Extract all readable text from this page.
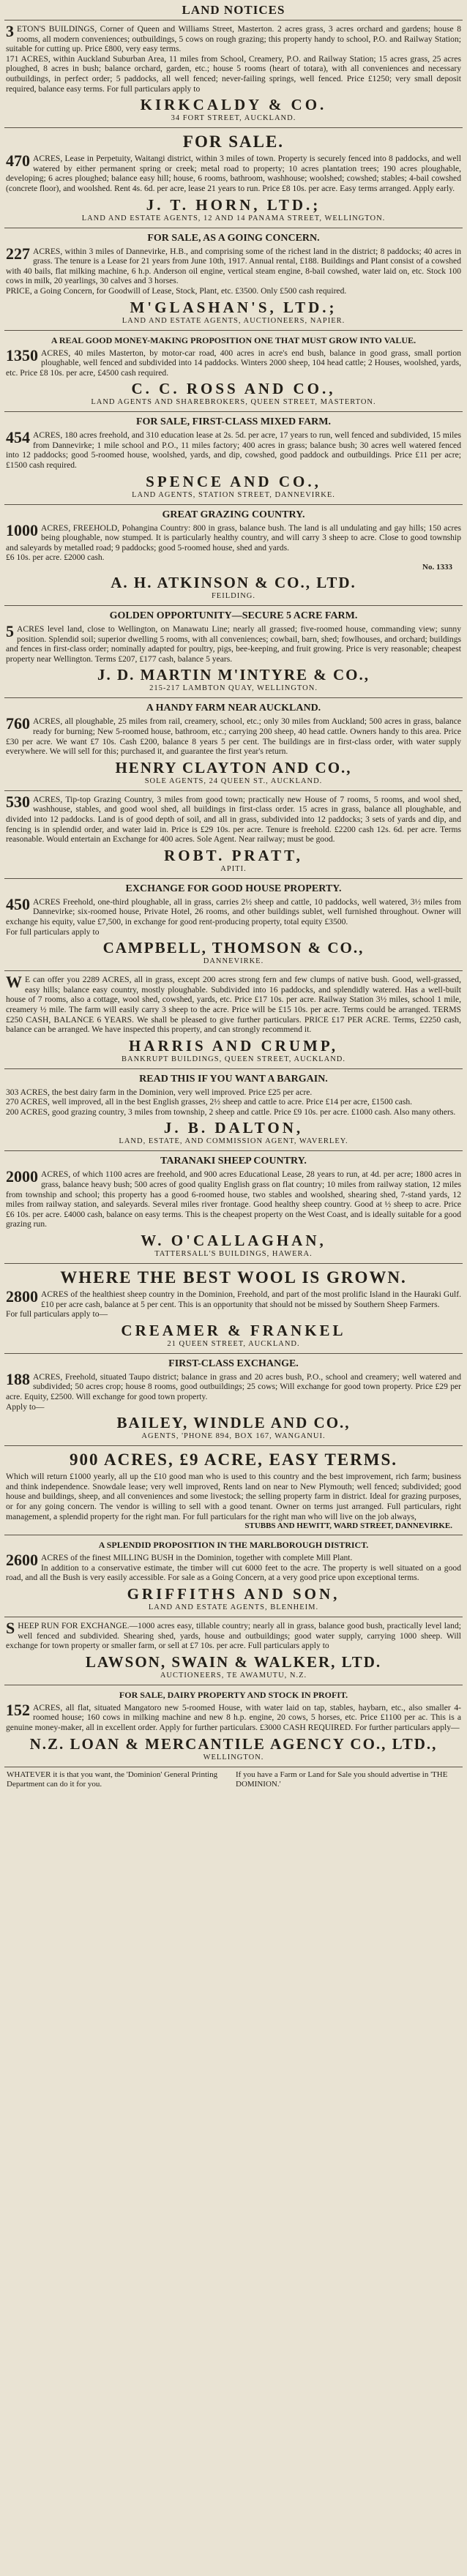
LAND NOTICES

3 ETON'S BUILDINGS, Corner of Queen and Williams Street, Masterton. 2 acres grass, 3 acres orchard and gardens; house 8 rooms, all modern conveniences; outbuildings, 5 cows on rough grazing; this property handy to school, P.O. and Railway Station; suitable for cutting up. Price £800, very easy terms.

171 ACRES, within Auckland Suburban Area, 11 miles from School, Creamery, P.O. and Railway Station; 15 acres grass, 25 acres ploughed, 8 acres in bush; balance orchard, garden, etc.; house 5 rooms (heart of totara), with all conveniences and necessary outbuildings, in perfect order; 5 paddocks, all well fenced; never-failing springs, well fenced. Price £1250; very small deposit required, balance easy terms. For full particulars apply to

KIRKCALDY & CO.
34 FORT STREET, AUCKLAND.
FOR SALE.

470 ACRES, Lease in Perpetuity, Waitangi district, within 3 miles of town. Property is securely fenced into 8 paddocks, and well watered by either permanent spring or creek; metal road to property; 10 acres plantation trees; 190 acres ploughable, developing; 6 acres ploughed; balance easy hill; house, 6 rooms, bathroom, washhouse; woolshed; cowshed; stables; 4-bail cowshed (concrete floor), and woolshed. Rent 4s. 6d. per acre, lease 21 years to run. Price £8 10s. per acre. Easy terms arranged. Apply early.

J. T. HORN, LTD.;
LAND AND ESTATE AGENTS, 12 AND 14 PANAMA STREET, WELLINGTON.
FOR SALE, AS A GOING CONCERN.

227 ACRES, within 3 miles of Dannevirke, H.B., and comprising some of the richest land in the district; 8 paddocks; 40 acres in grass. The tenure is a Lease for 21 years from June 10th, 1917. Annual rental, £188. Buildings and Plant consist of a cowshed with 40 bails, flat milking machine, 6 h.p. Anderson oil engine, vertical steam engine, 8-bail cowshed, water laid on, etc. Stock 100 cows in milk, 20 yearlings, 30 calves and 3 horses.

PRICE, a Going Concern, for Goodwill of Lease, Stock, Plant, etc. £3500. Only £500 cash required.

M'GLASHAN'S, LTD.;
LAND AND ESTATE AGENTS, AUCTIONEERS, NAPIER.
A REAL GOOD MONEY-MAKING PROPOSITION ONE THAT MUST GROW INTO VALUE.

1350 ACRES, 40 miles Masterton, by motor-car road, 400 acres in acre's end bush, balance in good grass, small portion ploughable, well fenced and subdivided into 14 paddocks. Winters 2000 sheep, 104 head cattle; 2 Houses, woolshed, yards, etc. Price £8 10s. per acre, £4500 cash required.

C. C. ROSS AND CO.,
LAND AGENTS AND SHAREBROKERS, QUEEN STREET, MASTERTON.
FOR SALE, FIRST-CLASS MIXED FARM.

454 ACRES, 180 acres freehold, and 310 education lease at 2s. 5d. per acre, 17 years to run, well fenced and subdivided, 15 miles from Dannevirke; 1 mile school and P.O., 11 miles factory; 400 acres in grass; balance bush; 30 acres well watered fenced into 12 paddocks; good 5-roomed house, woolshed, yards, and dip, cowshed, good paddock and outbuildings. Price £11 per acre; £1500 cash required.

SPENCE AND CO.,
LAND AGENTS, STATION STREET, DANNEVIRKE.
GREAT GRAZING COUNTRY.

1000 ACRES, FREEHOLD, Pohangina Country: 800 in grass, balance bush. The land is all undulating and gay hills; 150 acres being ploughable, now stumped. It is particularly healthy country, and will carry 3 sheep to acre. Close to good township and saleyards by metalled road; 9 paddocks; good 5-roomed house, shed and yards.

£6 10s. per acre. £2000 cash.

No. 1333
A. H. ATKINSON & CO., LTD.
FEILDING.
GOLDEN OPPORTUNITY—SECURE 5 ACRE FARM.

5 ACRES level land, close to Wellington, on Manawatu Line; nearly all grassed; five-roomed house, commanding view; sunny position. Splendid soil; superior dwelling 5 rooms, with all conveniences; cowbail, barn, shed; fowlhouses, and orchard; buildings and fences in first-class order; nominally adapted for poultry, pigs, bee-keeping, and fruit growing. Price is very reasonable; cheapest property near Wellington. Terms £207, £177 cash, balance 5 years.

J. D. MARTIN M'INTYRE & CO.,
215-217 LAMBTON QUAY, WELLINGTON.
A HANDY FARM NEAR AUCKLAND.

760 ACRES, all ploughable, 25 miles from rail, creamery, school, etc.; only 30 miles from Auckland; 500 acres in grass, balance ready for burning; New 5-roomed house, bathroom, etc.; carrying 200 sheep, 40 head cattle. Owners handy to this area. Price £30 per acre. We want £7 10s. Cash £200, balance 8 years 5 per cent. The buildings are in first-class order, with water supply everywhere. We will sell for this; purchased it, and guarantee the first year's return.

HENRY CLAYTON AND CO.,
SOLE AGENTS, 24 QUEEN ST., AUCKLAND.

530 ACRES, Tip-top Grazing Country, 3 miles from good town; practically new House of 7 rooms, 5 rooms, and wool shed, washhouse, stables, and good wool shed, all buildings in first-class order. 15 acres in grass, balance all ploughable, and divided into 12 paddocks. Land is of good depth of soil, and all in grass, subdivided into 12 paddocks; 3 sets of yards and dip, and fencing is in splendid order, and water laid in. Price is £29 10s. per acre. Tenure is freehold. £2200 cash 12s. 6d. per acre. Terms reasonable. Would entertain an Exchange for 400 acres. Sole Agent. Near railway; must be good.

ROBT. PRATT,
APITI.
EXCHANGE FOR GOOD HOUSE PROPERTY.

450 ACRES Freehold, one-third ploughable, all in grass, carries 2½ sheep and cattle, 10 paddocks, well watered, 3½ miles from Dannevirke; six-roomed house, Private Hotel, 26 rooms, and other buildings sublet, well furnished throughout. Owner will exchange his equity, value £7,500, in exchange for good rent-producing property, total equity £3500.

For full particulars apply to

CAMPBELL, THOMSON & CO.,
DANNEVIRKE.

W E can offer you 2289 ACRES, all in grass, except 200 acres strong fern and few clumps of native bush. Good, well-grassed, easy hills; balance easy country, mostly ploughable. Subdivided into 16 paddocks, and splendidly watered. Has a well-built house of 7 rooms, also a cottage, wool shed, cowshed, yards, etc. Price £17 10s. per acre. Railway Station 3½ miles, school 1 mile, creamery ½ mile. The farm will easily carry 3 sheep to the acre. Price will be £15 10s. per acre. Terms could be arranged. TERMS £250 CASH, BALANCE 6 YEARS. We shall be pleased to give further particulars. PRICE £17 PER ACRE. Terms, £2250 cash, balance can be arranged. We have inspected this property, and can strongly recommend it.

HARRIS AND CRUMP,
BANKRUPT BUILDINGS, QUEEN STREET, AUCKLAND.
READ THIS IF YOU WANT A BARGAIN.

303 ACRES, the best dairy farm in the Dominion, very well improved. Price £25 per acre.

270 ACRES, well improved, all in the best English grasses, 2½ sheep and cattle to acre. Price £14 per acre, £1500 cash.

200 ACRES, good grazing country, 3 miles from township, 2 sheep and cattle. Price £9 10s. per acre. £1000 cash. Also many others.

J. B. DALTON,
LAND, ESTATE, AND COMMISSION AGENT, WAVERLEY.
TARANAKI SHEEP COUNTRY.

2000 ACRES, of which 1100 acres are freehold, and 900 acres Educational Lease, 28 years to run, at 4d. per acre; 1800 acres in grass, balance heavy bush; 500 acres of good quality English grass on flat country; 10 miles from railway station, 12 miles from township and school; this property has a good 6-roomed house, two stables and woolshed, shearing shed, 7-stand yards, 12 miles from railway station, and saleyards. Several miles river frontage. Good healthy sheep country. Good at ½ sheep to acre. Price £6 10s. per acre. £4000 cash, balance on easy terms. This is the cheapest property on the West Coast, and is ideally suitable for a good grazing run.

W. O'CALLAGHAN,
TATTERSALL'S BUILDINGS, HAWERA.
WHERE THE BEST WOOL IS GROWN.

2800 ACRES of the healthiest sheep country in the Dominion, Freehold, and part of the most prolific Island in the Hauraki Gulf. £10 per acre cash, balance at 5 per cent. This is an opportunity that should not be missed by Southern Sheep Farmers.

For full particulars apply to—

CREAMER & FRANKEL
21 QUEEN STREET, AUCKLAND.
FIRST-CLASS EXCHANGE.

188 ACRES, Freehold, situated Taupo district; balance in grass and 20 acres bush, P.O., school and creamery; well watered and subdivided; 50 acres crop; house 8 rooms, good outbuildings; 25 cows; Will exchange for good town property. Price £29 per acre. Equity, £2500. Will exchange for good town property.

Apply to—

BAILEY, WINDLE AND CO.,
AGENTS, 'PHONE 894, BOX 167, WANGANUI.
900 ACRES, £9 ACRE, EASY TERMS.

Which will return £1000 yearly, all up the £10 good man who is used to this country and the best improvement, rich farm; business and think independence. Snowdale lease; very well improved, Rents land on near to New Plymouth; well fenced; subdivided; good house and buildings, sheep, and all conveniences and some livestock; the selling property farm in district. Ideal for grazing purposes, or for any going concern. The vendor is willing to sell with a good tenant. Owner on terms just arranged. Full particulars, right management, a splendid property for the right man. For full particulars for the right man who will live on the job always,

STUBBS AND HEWITT, WARD STREET, DANNEVIRKE.
A SPLENDID PROPOSITION IN THE MARLBOROUGH DISTRICT.

2600 ACRES of the finest MILLING BUSH in the Dominion, together with complete Mill Plant.

In addition to a conservative estimate, the timber will cut 6000 feet to the acre. The property is well situated on a good road, and all the Bush is very easily accessible. For sale as a Going Concern, at a very good price upon exceptional terms.

GRIFFITHS AND SON,
LAND AND ESTATE AGENTS, BLENHEIM.

SHEEP RUN FOR EXCHANGE.—1000 acres easy, tillable country; nearly all in grass, balance good bush, practically level land; well fenced and subdivided. Shearing shed, yards, house and outbuildings; good water supply, carrying 1000 sheep. Will exchange for town property or smaller farm, or sell at £7 10s. per acre. Full particulars apply to

LAWSON, SWAIN & WALKER, LTD.
AUCTIONEERS, TE AWAMUTU, N.Z.
FOR SALE, DAIRY PROPERTY AND STOCK IN PROFIT.

152 ACRES, all flat, situated Mangatoro new 5-roomed House, with water laid on tap, stables, haybarn, etc., also smaller 4-roomed house; 160 cows in milking machine and new 8 h.p. engine, 20 cows, 5 horses, etc. Price £1100 per ac. This is a genuine money-maker, all in excellent order. Apply for further particulars. £3000 CASH REQUIRED. For further particulars apply—

N.Z. LOAN & MERCANTILE AGENCY CO., LTD.,
WELLINGTON.

WHATEVER it is that you want, the 'Dominion' General Printing Department can do it for you.

If you have a Farm or Land for Sale you should advertise in 'THE DOMINION.'
